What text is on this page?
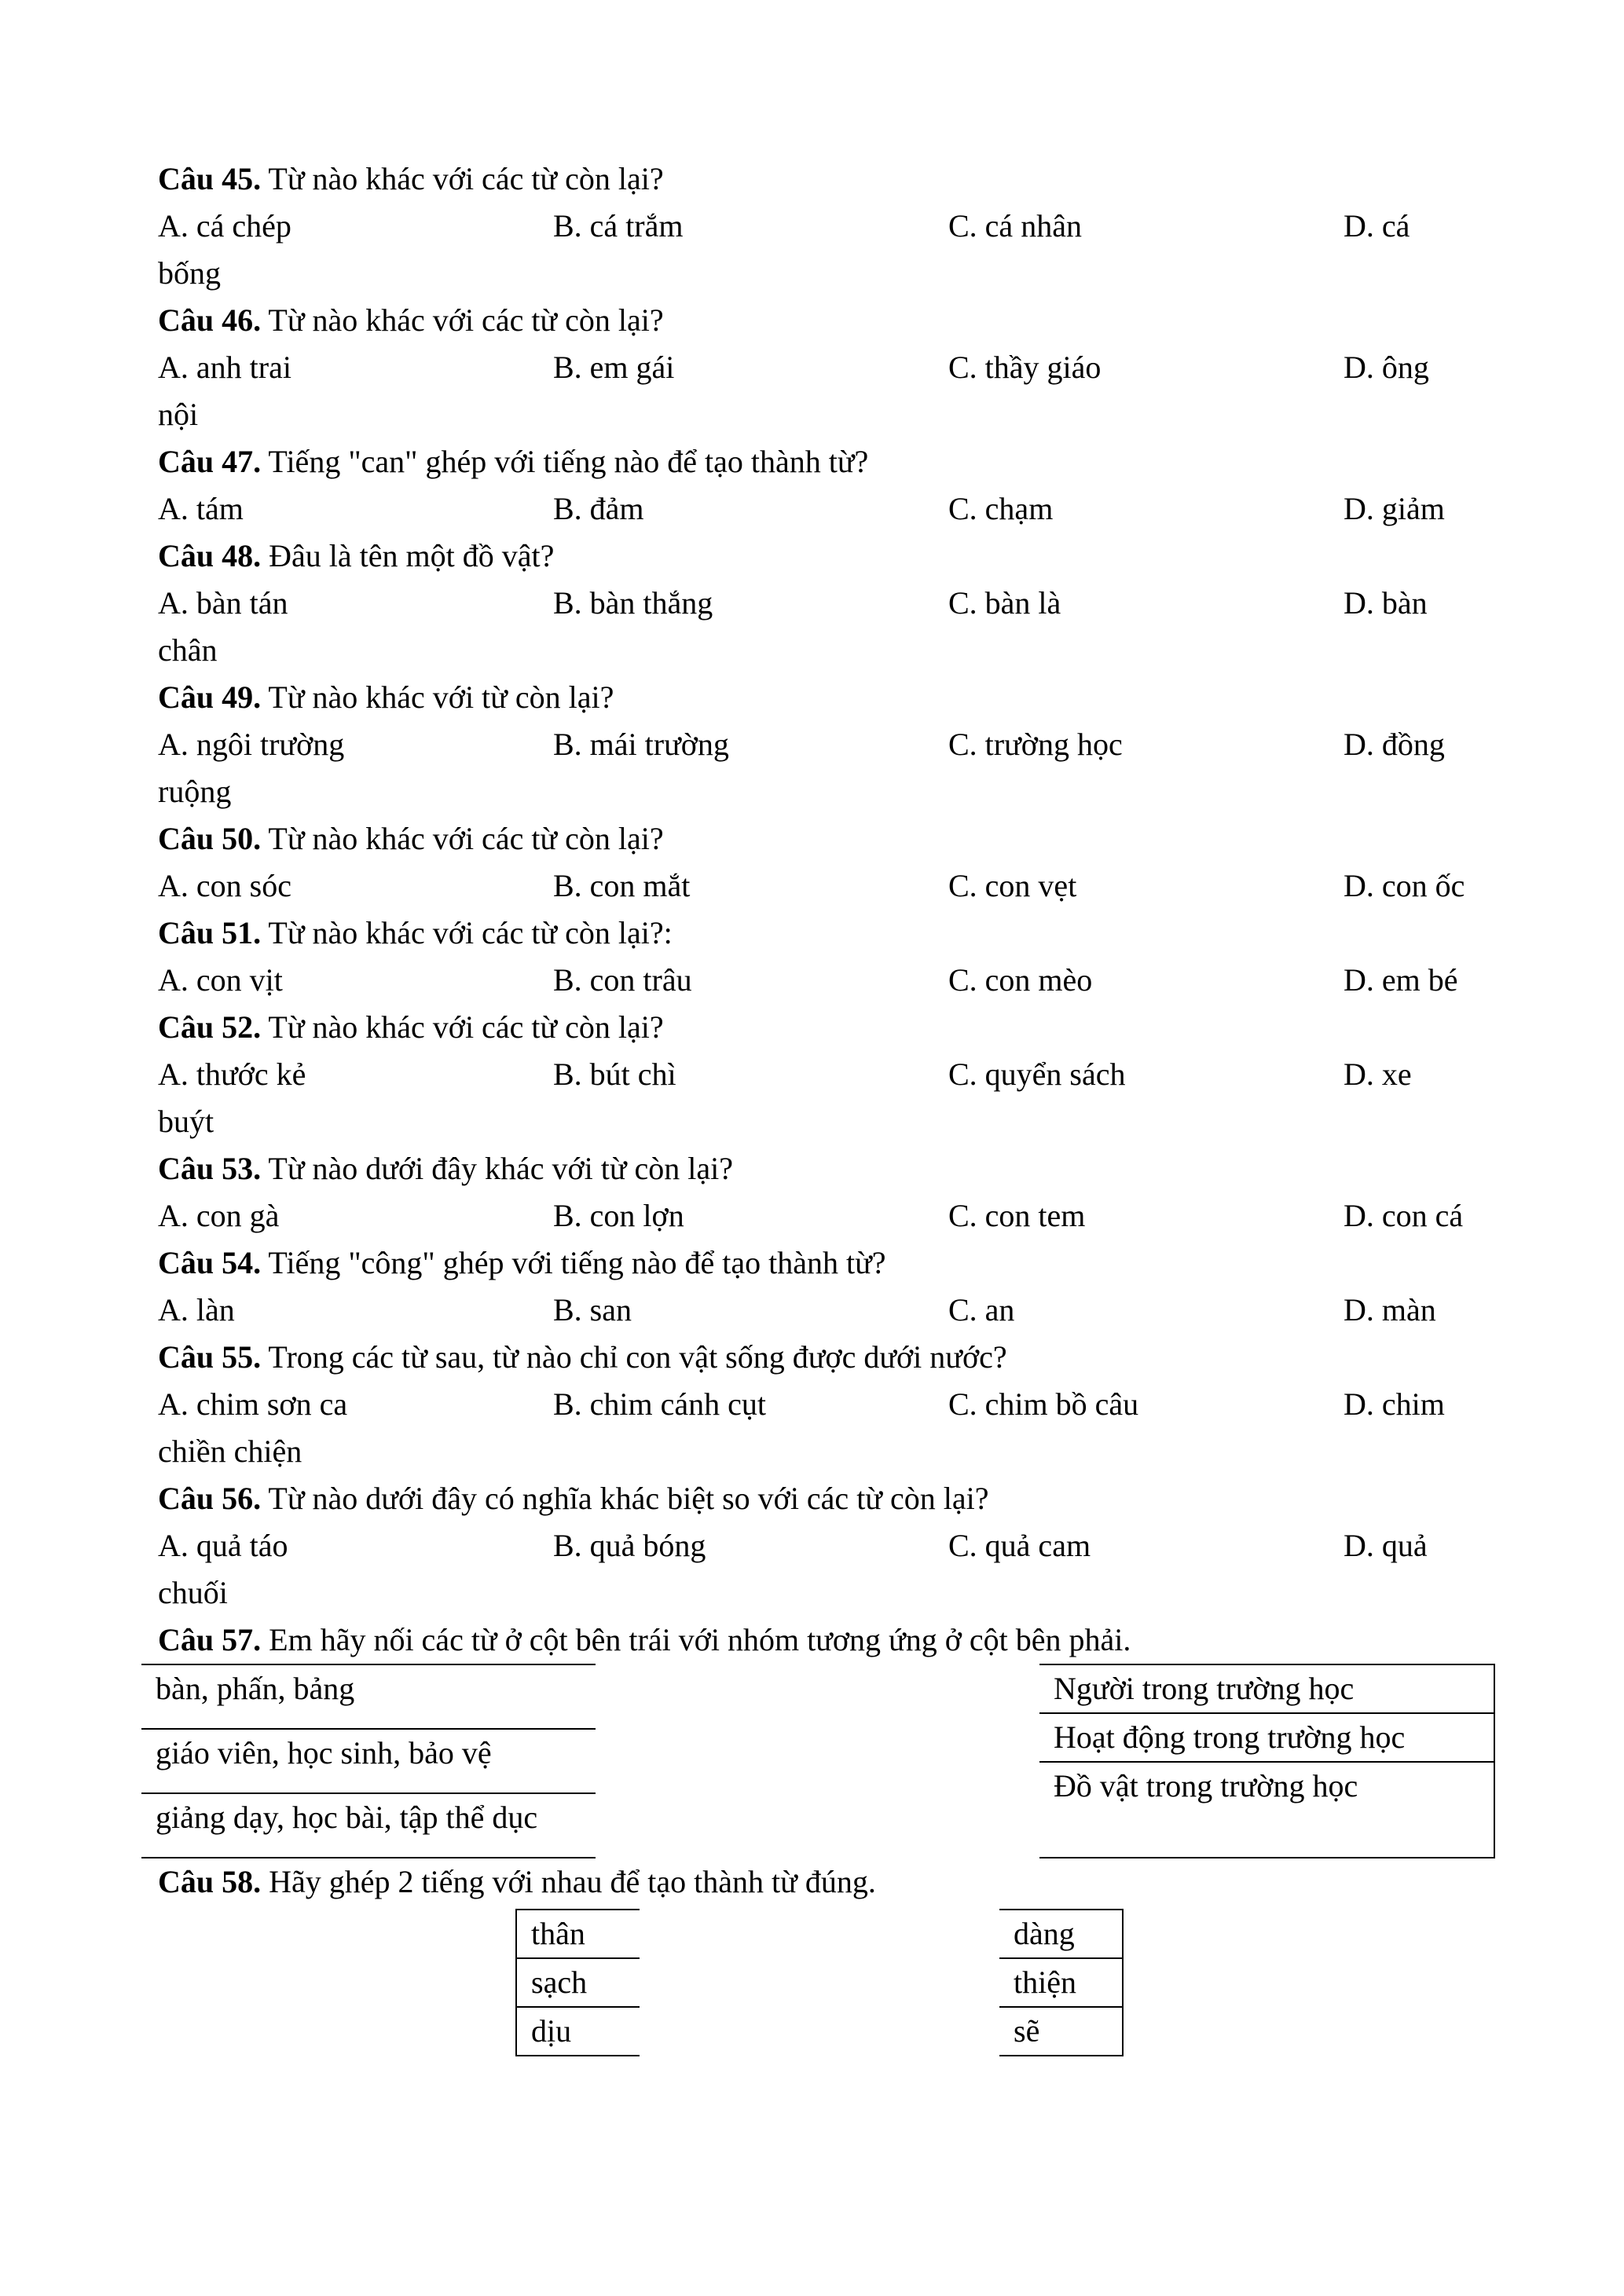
Câu 45. Từ nào khác với các từ còn lại?

A. cá chép	B. cá trắm	C. cá nhân	D. cá bống

Câu 46. Từ nào khác với các từ còn lại?

A. anh trai	B. em gái	C. thầy giáo	D. ông nội

Câu 47. Tiếng "can" ghép với tiếng nào để tạo thành từ?

A. tám	B. đảm	C. chạm	D. giảm

Câu 48. Đâu là tên một đồ vật?

A. bàn tán	B. bàn thắng	C. bàn là	D. bàn chân

Câu 49. Từ nào khác với từ còn lại?

A. ngôi trường	B. mái trường	C. trường học	D. đồng ruộng

Câu 50. Từ nào khác với các từ còn lại?

A. con sóc	B. con mắt	C. con vẹt	D. con ốc

Câu 51. Từ nào khác với các từ còn lại?:

A. con vịt	B. con trâu	C. con mèo	D. em bé

Câu 52. Từ nào khác với các từ còn lại?

A. thước kẻ	B. bút chì	C. quyển sách	D. xe buýt

Câu 53. Từ nào dưới đây khác với từ còn lại?

A. con gà	B. con lợn	C. con tem	D. con cá

Câu 54. Tiếng "công" ghép với tiếng nào để tạo thành từ?

A. làn	B. san	C. an	D. màn

Câu 55. Trong các từ sau, từ nào chỉ con vật sống được dưới nước?

A. chim sơn ca	B. chim cánh cụt	C. chim bồ câu	D. chim chiền chiện

Câu 56. Từ nào dưới đây có nghĩa khác biệt so với các từ còn lại?

A. quả táo	B. quả bóng	C. quả cam	D. quả chuối

Câu 57. Em hãy nối các từ ở cột bên trái với nhóm tương ứng ở cột bên phải.

bàn, phấn, bảng
giáo viên, học sinh, bảo vệ
giảng dạy, học bài, tập thể dục
Người trong trường học
Hoạt động trong trường học
Đồ vật trong trường học

Câu 58. Hãy ghép 2 tiếng với nhau để tạo thành từ đúng.

thân
sạch
dịu
dàng
thiện
sẽ
